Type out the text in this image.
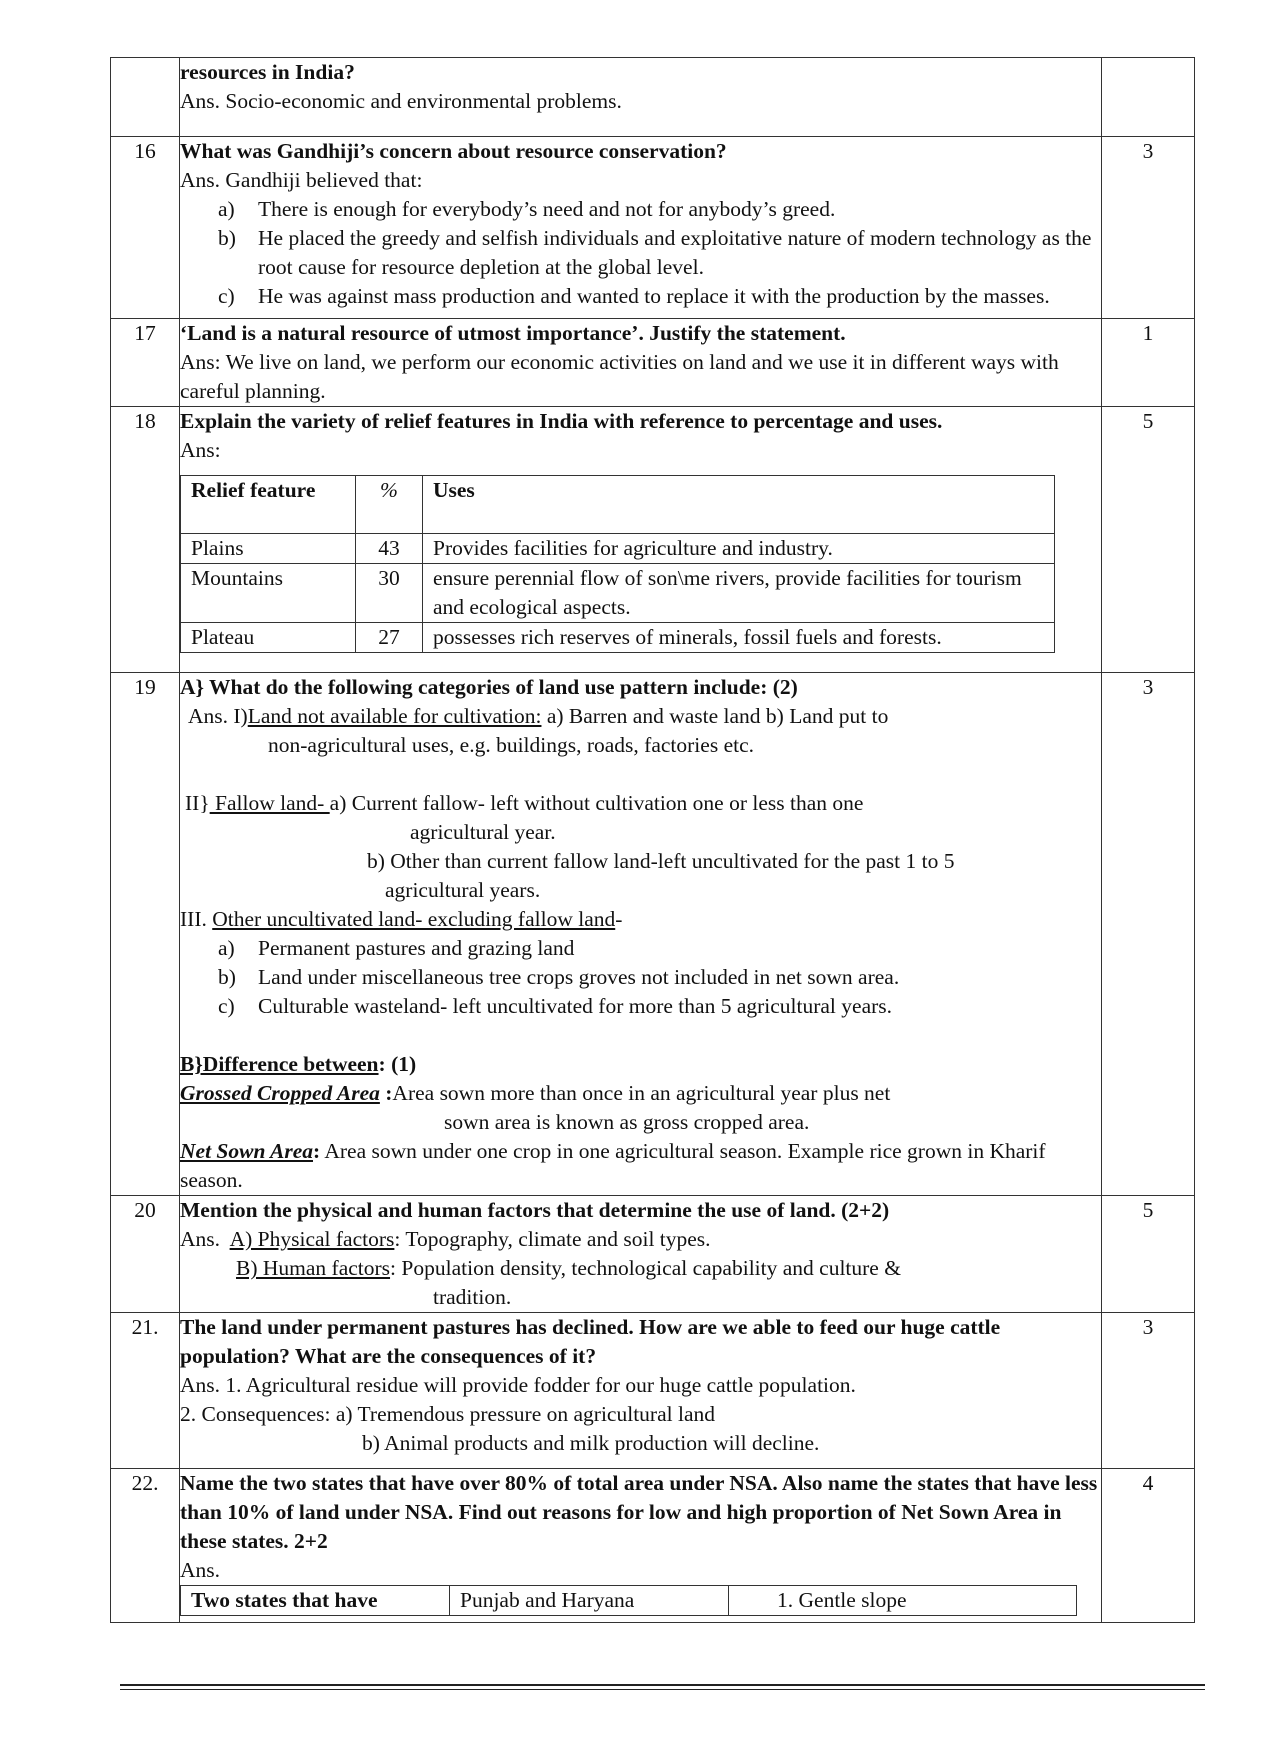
resources in India?
Ans. Socio-economic and environmental problems.

16	What was Gandhiji’s concern about resource conservation?
Ans. Gandhiji believed that:
a) There is enough for everybody’s need and not for anybody’s greed.
b) He placed the greedy and selfish individuals and exploitative nature of modern technology as the root cause for resource depletion at the global level.
c) He was against mass production and wanted to replace it with the production by the masses.
	3
17	‘Land is a natural resource of utmost importance’. Justify the statement.
Ans: We live on land, we perform our economic activities on land and we use it in different ways with careful planning.
	1
18	Explain the variety of relief features in India with reference to percentage and uses.
Ans:
Relief feature	%	Uses
Plains	43	Provides facilities for agriculture and industry.
Mountains	30	ensure perennial flow of son\me rivers, provide facilities for tourism and ecological aspects.
Plateau	27	possesses rich reserves of minerals, fossil fuels and forests.
	5
19	A} What do the following categories of land use pattern include: (2)
Ans. I)Land not available for cultivation: a) Barren and waste land b) Land put to
non-agricultural uses, e.g. buildings, roads, factories etc.
II} Fallow land- a) Current fallow- left without cultivation one or less than one
agricultural year.
b) Other than current fallow land-left uncultivated for the past 1 to 5
agricultural years.
III. Other uncultivated land- excluding fallow land-
a) Permanent pastures and grazing land
b) Land under miscellaneous tree crops groves not included in net sown area.
c) Culturable wasteland- left uncultivated for more than 5 agricultural years.
B}Difference between: (1)
Grossed Cropped Area :Area sown more than once in an agricultural year plus net
sown area is known as gross cropped area.
Net Sown Area: Area sown under one crop in one agricultural season. Example rice grown in Kharif season.
	3
20	Mention the physical and human factors that determine the use of land. (2+2)
Ans.  A) Physical factors: Topography, climate and soil types.
B) Human factors: Population density, technological capability and culture &
tradition.
	5
21.	The land under permanent pastures has declined. How are we able to feed our huge cattle population? What are the consequences of it?
Ans. 1. Agricultural residue will provide fodder for our huge cattle population.
2. Consequences: a) Tremendous pressure on agricultural land
b) Animal products and milk production will decline.
	3
22.	Name the two states that have over 80% of total area under NSA. Also name the states that have less than 10% of land under NSA. Find out reasons for low and high proportion of Net Sown Area in these states. 2+2
Ans.
Two states that have	Punjab and Haryana	1. Gentle slope
	4
